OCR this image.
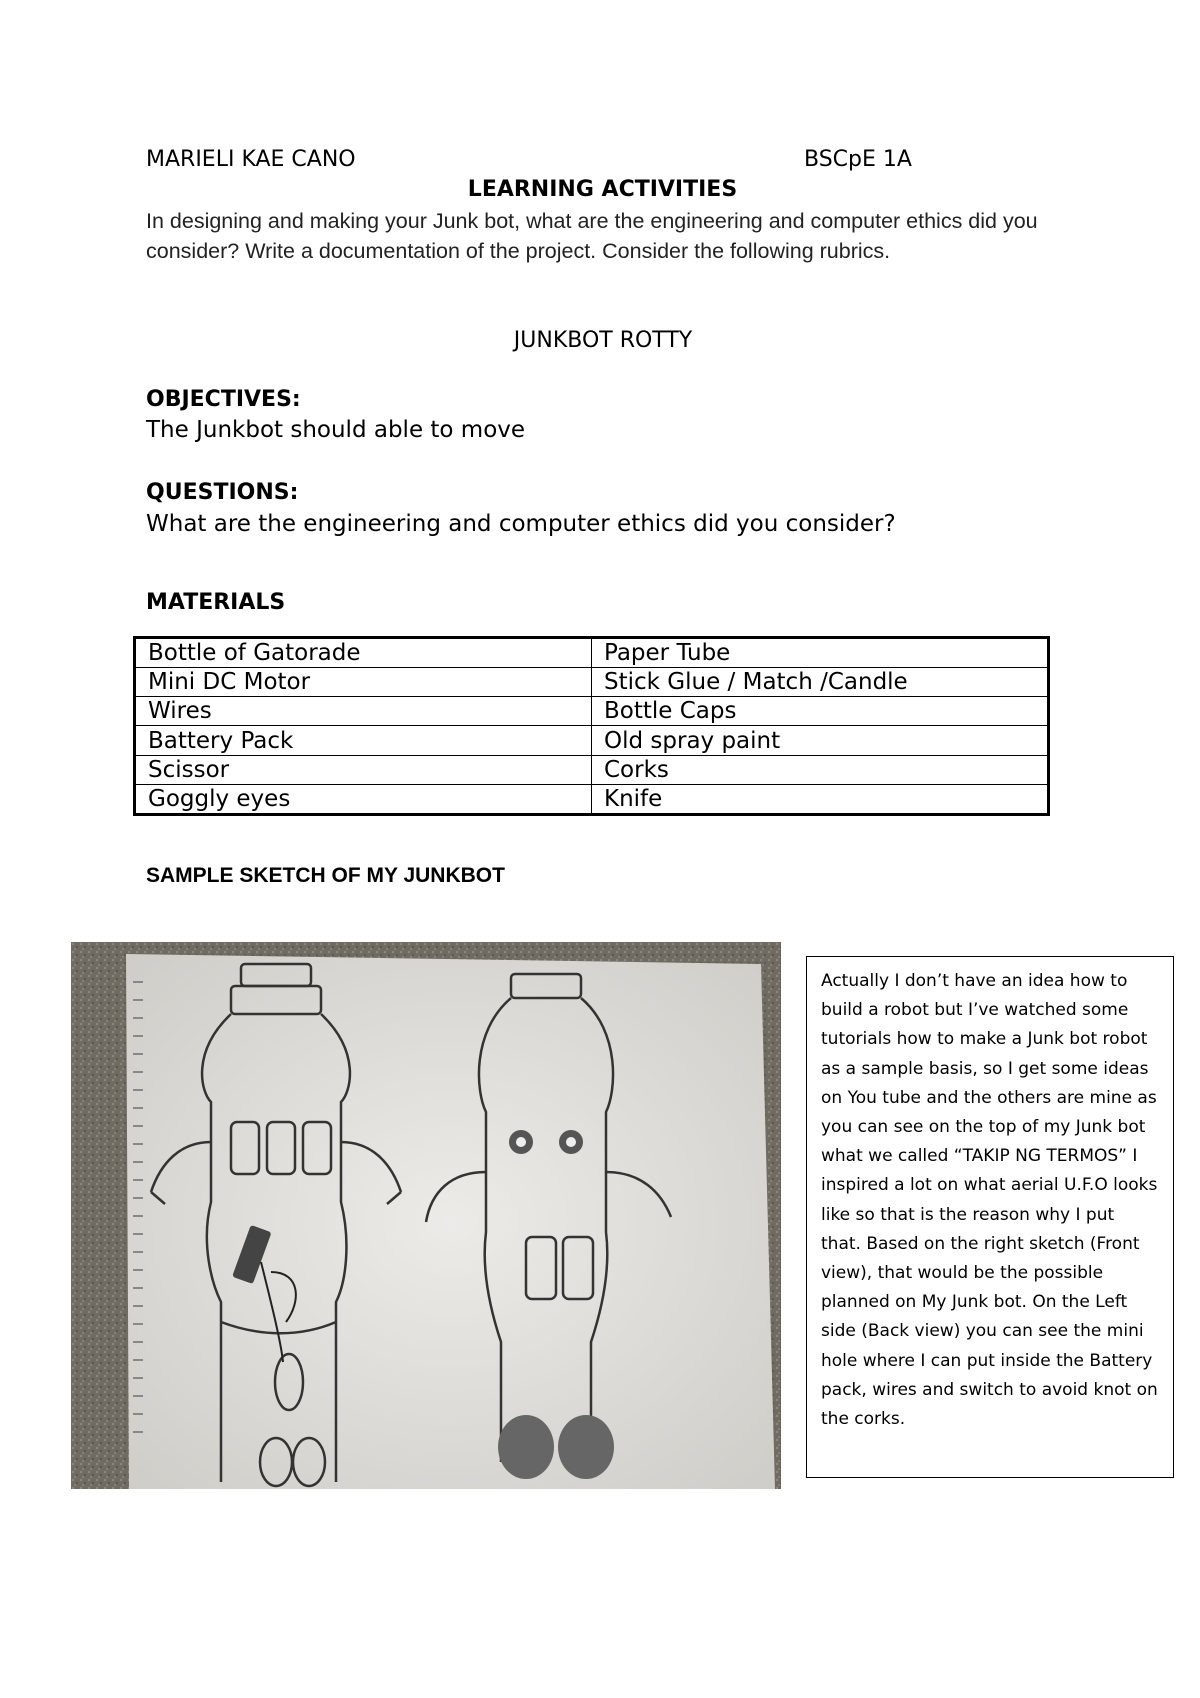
MARIELI KAE CANO	BSCpE 1A
LEARNING ACTIVITIES
In designing and making your Junk bot, what are the engineering and computer ethics did you consider? Write a documentation of the project. Consider the following rubrics.
JUNKBOT ROTTY
OBJECTIVES:
The Junkbot should able to move
QUESTIONS:
What are the engineering and computer ethics did you consider?
MATERIALS
Bottle of Gatorade	Paper Tube
Mini DC Motor	Stick Glue / Match /Candle
Wires	Bottle Caps
Battery Pack	Old spray paint
Scissor	Corks
Goggly eyes	Knife
SAMPLE SKETCH OF MY JUNKBOT
Actually I don’t have an idea how to build a robot but I’ve watched some tutorials how to make a Junk bot robot as a sample basis, so I get some ideas on You tube and the others are mine as you can see on the top of my Junk bot what we called “TAKIP NG TERMOS” I inspired a lot on what aerial U.F.O looks like so that is the reason why I put that. Based on the right sketch (Front view), that would be the possible planned on My Junk bot. On the Left side (Back view) you can see the mini hole where I can put inside the Battery pack, wires and switch to avoid knot on the corks.
